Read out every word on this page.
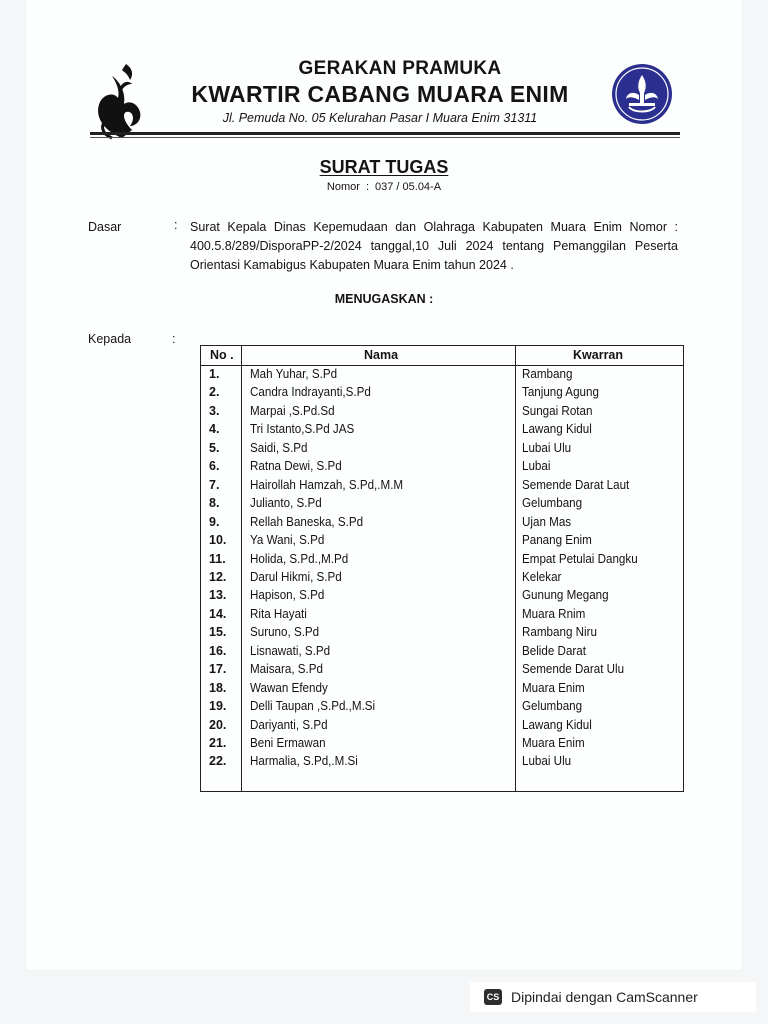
GERAKAN PRAMUKA
KWARTIR CABANG MUARA ENIM
Jl. Pemuda No. 05 Kelurahan Pasar I Muara Enim 31311
SURAT TUGAS
Nomor : 037 / 05.04-A
Dasar	: Surat Kepala Dinas Kepemudaan dan Olahraga Kabupaten Muara Enim Nomor : 400.5.8/289/DisporaPP-2/2024 tanggal,10 Juli 2024 tentang Pemanggilan Peserta Orientasi Kamabigus Kabupaten Muara Enim tahun 2024 .
MENUGASKAN :
Kepada	:
No .	Nama	Kwarran
1. Mah Yuhar, S.Pd	Rambang
2. Candra Indrayanti,S.Pd	Tanjung Agung
3. Marpai ,S.Pd.Sd	Sungai Rotan
4. Tri Istanto,S.Pd JAS	Lawang Kidul
5. Saidi, S.Pd	Lubai Ulu
6. Ratna Dewi, S.Pd	Lubai
7. Hairollah Hamzah, S.Pd,.M.M	Semende Darat Laut
8. Julianto, S.Pd	Gelumbang
9. Rellah Baneska, S.Pd	Ujan Mas
10. Ya Wani, S.Pd	Panang Enim
11. Holida, S.Pd.,M.Pd	Empat Petulai Dangku
12. Darul Hikmi, S.Pd	Kelekar
13. Hapison, S.Pd	Gunung Megang
14. Rita Hayati	Muara Rnim
15. Suruno, S.Pd	Rambang Niru
16. Lisnawati, S.Pd	Belide Darat
17. Maisara, S.Pd	Semende Darat Ulu
18. Wawan Efendy	Muara Enim
19. Delli Taupan ,S.Pd.,M.Si	Gelumbang
20. Dariyanti, S.Pd	Lawang Kidul
21. Beni Ermawan	Muara Enim
22. Harmalia, S.Pd,.M.Si	Lubai Ulu
CS Dipindai dengan CamScanner
